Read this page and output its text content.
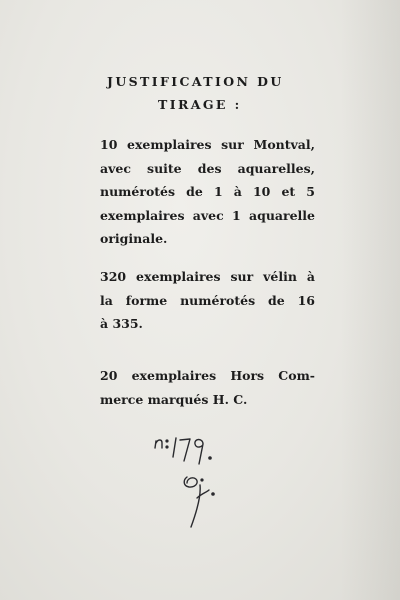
JUSTIFICATION DU
TIRAGE :
10 exemplaires sur Montval,
avec suite des aquarelles,
numérotés de 1 à 10 et 5
exemplaires avec 1 aquarelle
originale.
320 exemplaires sur vélin à
la forme numérotés de 16
à 335.
20 exemplaires Hors Com-
merce marqués H. C.
